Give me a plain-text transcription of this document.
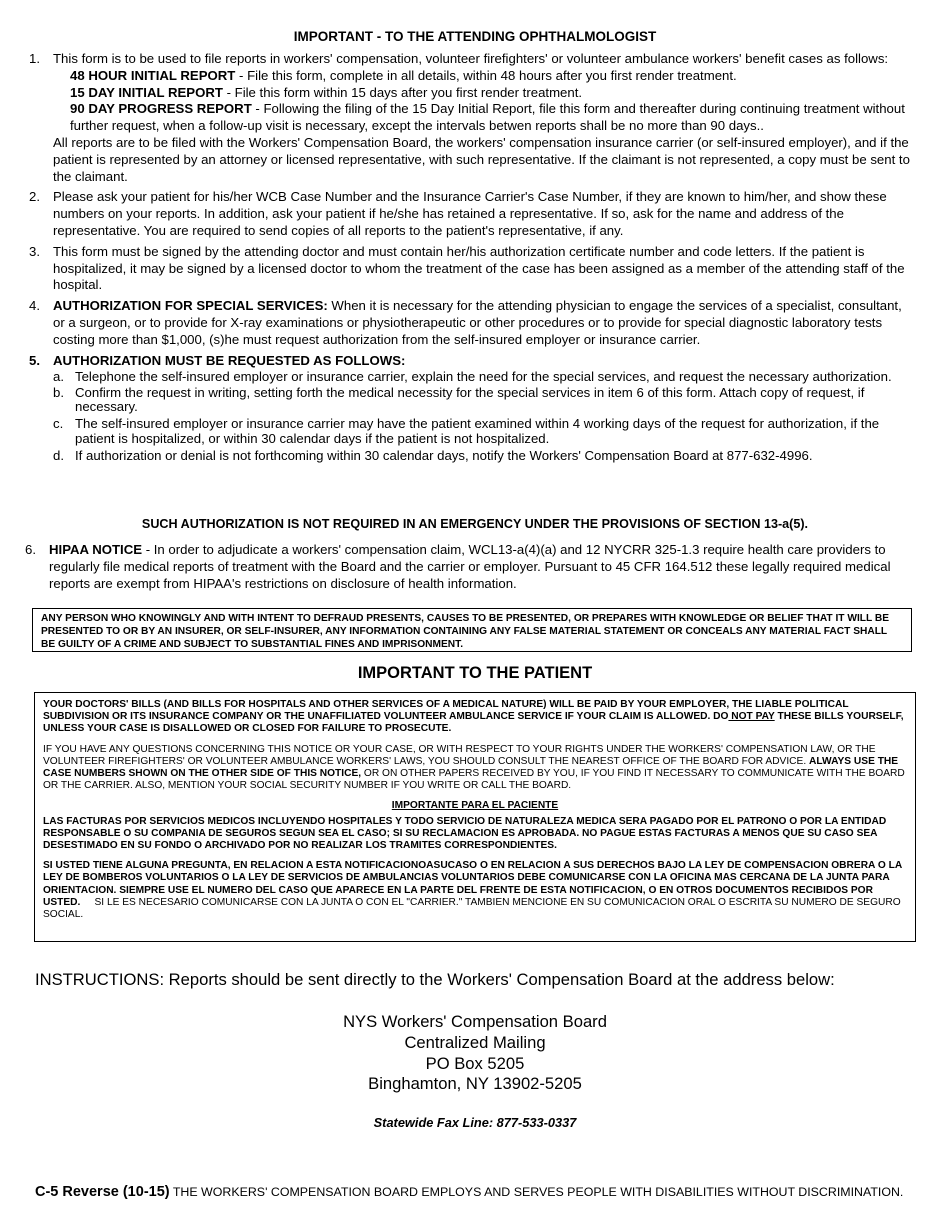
IMPORTANT - TO THE ATTENDING OPHTHALMOLOGIST
1. This form is to be used to file reports in workers' compensation, volunteer firefighters' or volunteer ambulance workers' benefit cases as follows:
48 HOUR INITIAL REPORT - File this form, complete in all details, within 48 hours after you first render treatment.
15 DAY INITIAL REPORT - File this form within 15 days after you first render treatment.
90 DAY PROGRESS REPORT - Following the filing of the 15 Day Initial Report, file this form and thereafter during continuing treatment without further request, when a follow-up visit is necessary, except the intervals betwen reports shall be no more than 90 days..
All reports are to be filed with the Workers' Compensation Board, the workers' compensation insurance carrier (or self-insured employer), and if the patient is represented by an attorney or licensed representative, with such representative. If the claimant is not represented, a copy must be sent to the claimant.
2. Please ask your patient for his/her WCB Case Number and the Insurance Carrier's Case Number, if they are known to him/her, and show these numbers on your reports. In addition, ask your patient if he/she has retained a representative. If so, ask for the name and address of the representative. You are required to send copies of all reports to the patient's representative, if any.
3. This form must be signed by the attending doctor and must contain her/his authorization certificate number and code letters. If the patient is hospitalized, it may be signed by a licensed doctor to whom the treatment of the case has been assigned as a member of the attending staff of the hospital.
4. AUTHORIZATION FOR SPECIAL SERVICES: When it is necessary for the attending physician to engage the services of a specialist, consultant, or a surgeon, or to provide for X-ray examinations or physiotherapeutic or other procedures or to provide for special diagnostic laboratory tests costing more than $1,000, (s)he must request authorization from the self-insured employer or insurance carrier.
5. AUTHORIZATION MUST BE REQUESTED AS FOLLOWS:
a. Telephone the self-insured employer or insurance carrier, explain the need for the special services, and request the necessary authorization.
b. Confirm the request in writing, setting forth the medical necessity for the special services in item 6 of this form. Attach copy of request, if necessary.
c. The self-insured employer or insurance carrier may have the patient examined within 4 working days of the request for authorization, if the patient is hospitalized, or within 30 calendar days if the patient is not hospitalized.
d. If authorization or denial is not forthcoming within 30 calendar days, notify the Workers' Compensation Board at 877-632-4996.
SUCH AUTHORIZATION IS NOT REQUIRED IN AN EMERGENCY UNDER THE PROVISIONS OF SECTION 13-a(5).
6. HIPAA NOTICE - In order to adjudicate a workers' compensation claim, WCL13-a(4)(a) and 12 NYCRR 325-1.3 require health care providers to regularly file medical reports of treatment with the Board and the carrier or employer. Pursuant to 45 CFR 164.512 these legally required medical reports are exempt from HIPAA's restrictions on disclosure of health information.
ANY PERSON WHO KNOWINGLY AND WITH INTENT TO DEFRAUD PRESENTS, CAUSES TO BE PRESENTED, OR PREPARES WITH KNOWLEDGE OR BELIEF THAT IT WILL BE PRESENTED TO OR BY AN INSURER, OR SELF-INSURER, ANY INFORMATION CONTAINING ANY FALSE MATERIAL STATEMENT OR CONCEALS ANY MATERIAL FACT SHALL BE GUILTY OF A CRIME AND SUBJECT TO SUBSTANTIAL FINES AND IMPRISONMENT.
IMPORTANT TO THE PATIENT

YOUR DOCTORS' BILLS (AND BILLS FOR HOSPITALS AND OTHER SERVICES OF A MEDICAL NATURE) WILL BE PAID BY YOUR EMPLOYER, THE LIABLE POLITICAL SUBDIVISION OR ITS INSURANCE COMPANY OR THE UNAFFILIATED VOLUNTEER AMBULANCE SERVICE IF YOUR CLAIM IS ALLOWED. DO NOT PAY THESE BILLS YOURSELF, UNLESS YOUR CASE IS DISALLOWED OR CLOSED FOR FAILURE TO PROSECUTE.

IF YOU HAVE ANY QUESTIONS CONCERNING THIS NOTICE OR YOUR CASE, OR WITH RESPECT TO YOUR RIGHTS UNDER THE WORKERS' COMPENSATION LAW, OR THE VOLUNTEER FIREFIGHTERS' OR VOLUNTEER AMBULANCE WORKERS' LAWS, YOU SHOULD CONSULT THE NEAREST OFFICE OF THE BOARD FOR ADVICE. ALWAYS USE THE CASE NUMBERS SHOWN ON THE OTHER SIDE OF THIS NOTICE, OR ON OTHER PAPERS RECEIVED BY YOU, IF YOU FIND IT NECESSARY TO COMMUNICATE WITH THE BOARD OR THE CARRIER. ALSO, MENTION YOUR SOCIAL SECURITY NUMBER IF YOU WRITE OR CALL THE BOARD.

IMPORTANTE PARA EL PACIENTE

LAS FACTURAS POR SERVICIOS MEDICOS INCLUYENDO HOSPITALES Y TODO SERVICIO DE NATURALEZA MEDICA SERA PAGADO POR EL PATRONO O POR LA ENTIDAD RESPONSABLE O SU COMPANIA DE SEGUROS SEGUN SEA EL CASO; SI SU RECLAMACION ES APROBADA. NO PAGUE ESTAS FACTURAS A MENOS QUE SU CASO SEA DESESTIMADO EN SU FONDO O ARCHIVADO POR NO REALIZAR LOS TRAMITES CORRESPONDIENTES.

SI USTED TIENE ALGUNA PREGUNTA, EN RELACION A ESTA NOTIFICACIONOASUCASO O EN RELACION A SUS DERECHOS BAJO LA LEY DE COMPENSACION OBRERA O LA LEY DE BOMBEROS VOLUNTARIOS O LA LEY DE SERVICIOS DE AMBULANCIAS VOLUNTARIOS DEBE COMUNICARSE CON LA OFICINA MAS CERCANA DE LA JUNTA PARA ORIENTACION. SIEMPRE USE EL NUMERO DEL CASO QUE APARECE EN LA PARTE DEL FRENTE DE ESTA NOTIFICACION, O EN OTROS DOCUMENTOS RECIBIDOS POR USTED.     SI LE ES NECESARIO COMUNICARSE CON LA JUNTA O CON EL "CARRIER." TAMBIEN MENCIONE EN SU COMUNICACION ORAL O ESCRITA SU NUMERO DE SEGURO SOCIAL.

INSTRUCTIONS: Reports should be sent directly to the Workers' Compensation Board at the address below:
NYS Workers' Compensation Board
Centralized Mailing
PO Box 5205
Binghamton, NY 13902-5205
Statewide Fax Line: 877-533-0337
C-5 Reverse (10-15) THE WORKERS' COMPENSATION BOARD EMPLOYS AND SERVES PEOPLE WITH DISABILITIES WITHOUT DISCRIMINATION.
